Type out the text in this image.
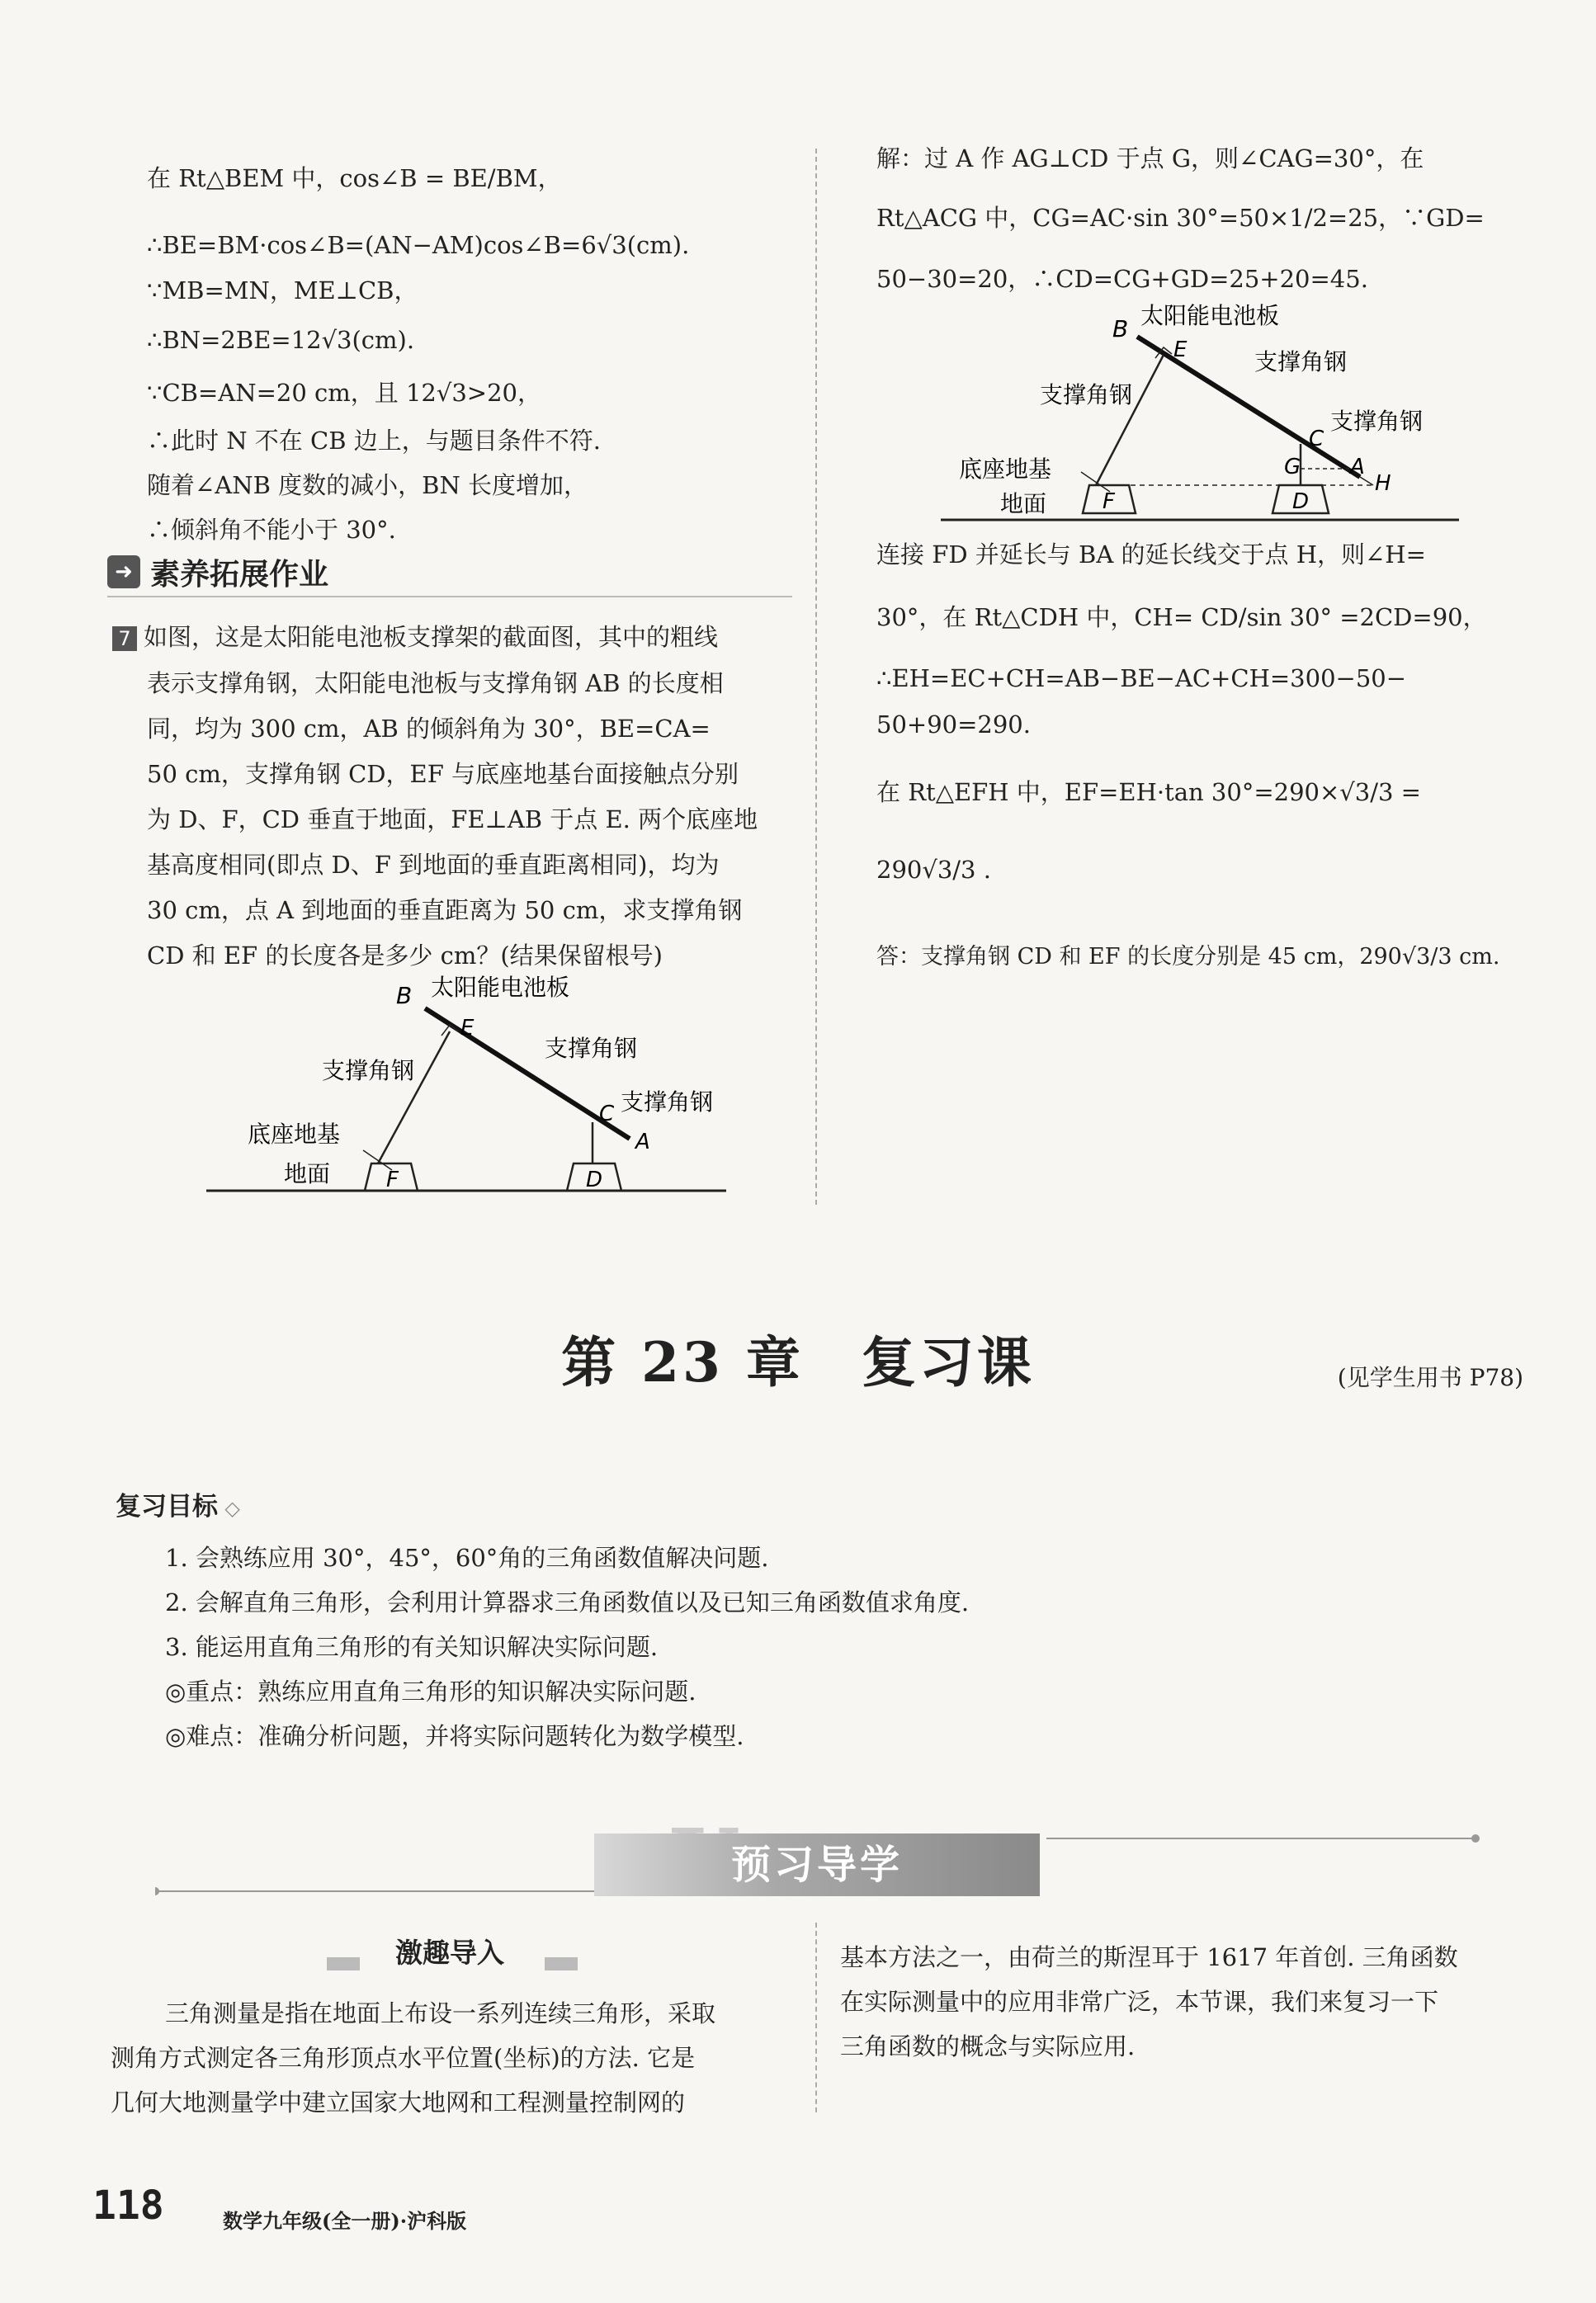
在 Rt△BEM 中，cos∠B = BE/BM，
∴BE=BM·cos∠B=(AN−AM)cos∠B=6√3(cm).
∵MB=MN，ME⊥CB，
∴BN=2BE=12√3(cm).
∵CB=AN=20 cm，且 12√3>20，
∴此时 N 不在 CB 边上，与题目条件不符.
随着∠ANB 度数的减小，BN 长度增加，
∴倾斜角不能小于 30°.
➜ 素养拓展作业
7 如图，这是太阳能电池板支撑架的截面图，其中的粗线
表示支撑角钢，太阳能电池板与支撑角钢 AB 的长度相
同，均为 300 cm，AB 的倾斜角为 30°，BE=CA=
50 cm，支撑角钢 CD，EF 与底座地基台面接触点分别
为 D、F，CD 垂直于地面，FE⊥AB 于点 E. 两个底座地
基高度相同(即点 D、F 到地面的垂直距离相同)，均为
30 cm，点 A 到地面的垂直距离为 50 cm，求支撑角钢
CD 和 EF 的长度各是多少 cm？(结果保留根号)
B 太阳能电池板
E
支撑角钢
支撑角钢
C 支撑角钢
A
底座地基
地面	F	D
解：过 A 作 AG⊥CD 于点 G，则∠CAG=30°，在
Rt△ACG 中，CG=AC·sin 30°=50×1/2=25，∵GD=
50−30=20，∴CD=CG+GD=25+20=45.
B 太阳能电池板
E	支撑角钢
支撑角钢
C
支撑角钢
G A
H
底座地基
地面	F	D
连接 FD 并延长与 BA 的延长线交于点 H，则∠H=
30°，在 Rt△CDH 中，CH= CD/sin 30° =2CD=90，
∴EH=EC+CH=AB−BE−AC+CH=300−50−
50+90=290.
在 Rt△EFH 中，EF=EH·tan 30°=290×√3/3 =
290√3/3 .
答：支撑角钢 CD 和 EF 的长度分别是 45 cm，290√3/3 cm.
第 23 章　复习课	(见学生用书 P78)
复习目标 ◇
1. 会熟练应用 30°，45°，60°角的三角函数值解决问题.
2. 会解直角三角形，会利用计算器求三角函数值以及已知三角函数值求角度.
3. 能运用直角三角形的有关知识解决实际问题.
◎重点：熟练应用直角三角形的知识解决实际问题.
◎难点：准确分析问题，并将实际问题转化为数学模型.
预习导学
激趣导入
三角测量是指在地面上布设一系列连续三角形，采取
测角方式测定各三角形顶点水平位置(坐标)的方法. 它是
几何大地测量学中建立国家大地网和工程测量控制网的
基本方法之一，由荷兰的斯涅耳于 1617 年首创. 三角函数
在实际测量中的应用非常广泛，本节课，我们来复习一下
三角函数的概念与实际应用.
118	数学九年级(全一册)·沪科版
